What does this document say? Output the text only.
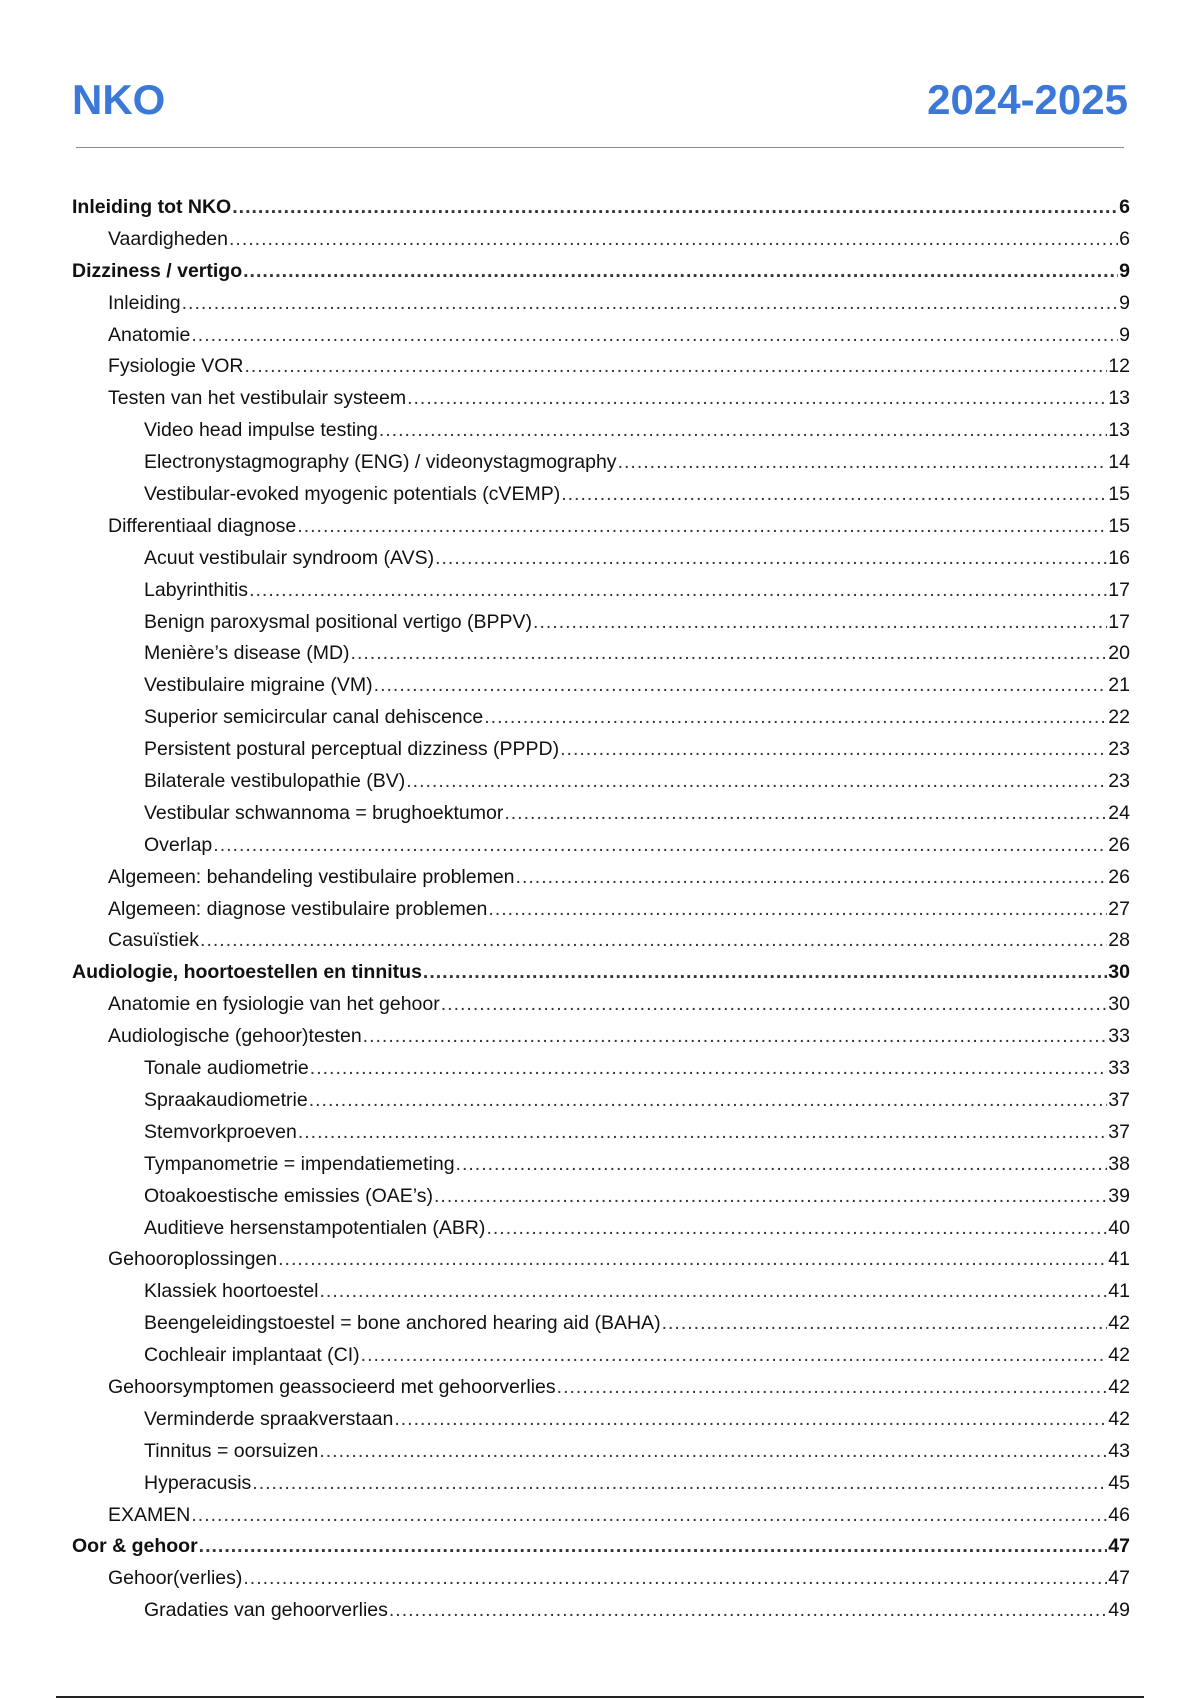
NKO	2024-2025
Inleiding tot NKO .....	6
Vaardigheden .....	6
Dizziness / vertigo .....	9
Inleiding .....	9
Anatomie .....	9
Fysiologie VOR .....	12
Testen van het vestibulair systeem .....	13
Video head impulse testing .....	13
Electronystagmography (ENG) / videonystagmography .....	14
Vestibular-evoked myogenic potentials (cVEMP) .....	15
Differentiaal diagnose .....	15
Acuut vestibulair syndroom (AVS) .....	16
Labyrinthitis .....	17
Benign paroxysmal positional vertigo (BPPV) .....	17
Menière’s disease (MD) .....	20
Vestibulaire migraine (VM) .....	21
Superior semicircular canal dehiscence .....	22
Persistent postural perceptual dizziness (PPPD) .....	23
Bilaterale vestibulopathie (BV) .....	23
Vestibular schwannoma = brughoektumor .....	24
Overlap .....	26
Algemeen: behandeling vestibulaire problemen .....	26
Algemeen: diagnose vestibulaire problemen .....	27
Casuïstiek .....	28
Audiologie, hoortoestellen en tinnitus .....	30
Anatomie en fysiologie van het gehoor .....	30
Audiologische (gehoor)testen .....	33
Tonale audiometrie .....	33
Spraakaudiometrie .....	37
Stemvorkproeven .....	37
Tympanometrie = impendatiemeting .....	38
Otoakoestische emissies (OAE’s) .....	39
Auditieve hersenstampotentialen (ABR) .....	40
Gehooroplossingen .....	41
Klassiek hoortoestel .....	41
Beengeleidingstoestel = bone anchored hearing aid (BAHA) .....	42
Cochleair implantaat (CI) .....	42
Gehoorsymptomen geassocieerd met gehoorverlies .....	42
Verminderde spraakverstaan .....	42
Tinnitus = oorsuizen .....	43
Hyperacusis .....	45
EXAMEN .....	46
Oor & gehoor .....	47
Gehoor(verlies) .....	47
Gradaties van gehoorverlies .....	49
